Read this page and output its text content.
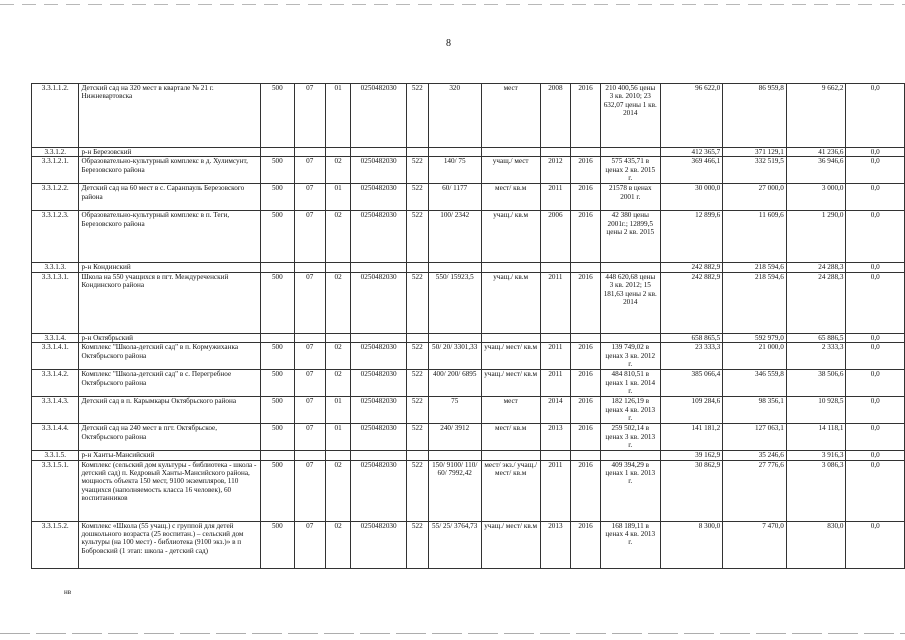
8
3.3.1.1.2.	Детский сад на 320 мест в квартале № 21 г. Нижневартовска	500	07	01	0250482030	522	320	мест	2008	2016	210 400,56 цены 3 кв. 2010; 23 632,07 цены 1 кв. 2014	96 622,0	86 959,8	9 662,2	0,0
3.3.1.2.	р-н Березовский											412 365,7	371 129,1	41 236,6	0,0
3.3.1.2.1.	Образовательно-культурный комплекс в д. Хулимсунт, Березовского района	500	07	02	0250482030	522	140/ 75	учащ./ мест	2012	2016	575 435,71 в ценах 2 кв. 2015 г.	369 466,1	332 519,5	36 946,6	0,0
3.3.1.2.2.	Детский сад на 60 мест в с. Саранпауль Березовского района	500	07	01	0250482030	522	60/ 1177	мест/ кв.м	2011	2016	21578 в ценах 2001 г.	30 000,0	27 000,0	3 000,0	0,0
3.3.1.2.3.	Образовательно-культурный комплекс в п. Теги, Березовского района	500	07	02	0250482030	522	100/ 2342	учащ./ кв.м	2006	2016	42 380 цены 2001г.; 12899,5 цены 2 кв. 2015	12 899,6	11 609,6	1 290,0	0,0
3.3.1.3.	р-н Кондинский											242 882,9	218 594,6	24 288,3	0,0
3.3.1.3.1.	Школа на 550 учащихся в пгт. Междуреченский Кондинского района	500	07	02	0250482030	522	550/ 15923,5	учащ./ кв.м	2011	2016	448 620,68 цены 3 кв. 2012; 15 181,63 цены 2 кв. 2014	242 882,9	218 594,6	24 288,3	0,0
3.3.1.4.	р-н Октябрьский											658 865,5	592 979,0	65 886,5	0,0
3.3.1.4.1.	Комплекс "Школа-детский сад" в п. Кормужиханка Октябрьского района	500	07	02	0250482030	522	50/ 20/ 3301,33	учащ./ мест/ кв.м	2011	2016	139 749,02 в ценах 3 кв. 2012 г.	23 333,3	21 000,0	2 333,3	0,0
3.3.1.4.2.	Комплекс "Школа-детский сад" в с. Перегребное Октябрьского района	500	07	02	0250482030	522	400/ 200/ 6895	учащ./ мест/ кв.м	2011	2016	484 810,51 в ценах 1 кв. 2014 г.	385 066,4	346 559,8	38 506,6	0,0
3.3.1.4.3.	Детский сад в п. Карымкары Октябрьского района	500	07	01	0250482030	522	75	мест	2014	2016	182 126,19 в ценах 4 кв. 2013 г.	109 284,6	98 356,1	10 928,5	0,0
3.3.1.4.4.	Детский сад на 240 мест в пгт. Октябрьское, Октябрьского района	500	07	01	0250482030	522	240/ 3912	мест/ кв.м	2013	2016	259 502,14 в ценах 3 кв. 2013 г.	141 181,2	127 063,1	14 118,1	0,0
3.3.1.5.	р-н Ханты-Мансийский											39 162,9	35 246,6	3 916,3	0,0
3.3.1.5.1.	Комплекс (сельский дом культуры - библиотека - школа - детский сад) п. Кедровый Ханты-Мансийского района, мощность объекта 150 мест, 9100 экземпляров, 110 учащихся (наполняемость класса 16 человек), 60 воспитанников	500	07	02	0250482030	522	150/ 9100/ 110/ 60/ 7992,42	мест/ экз./ учащ./ мест/ кв.м	2011	2016	409 394,29 в ценах 1 кв. 2013 г.	30 862,9	27 776,6	3 086,3	0,0
3.3.1.5.2.	Комплекс «Школа (55 учащ.) с группой для детей дошкольного возраста (25 воспитан.) – сельский дом культуры (на 100 мест) - библиотека (9100 экз.)» в п Бобровский (1 этап: школа - детский сад)	500	07	02	0250482030	522	55/ 25/ 3764,73	учащ./ мест/ кв.м	2013	2016	168 189,11 в ценах 4 кв. 2013 г.	8 300,0	7 470,0	830,0	0,0
нв
